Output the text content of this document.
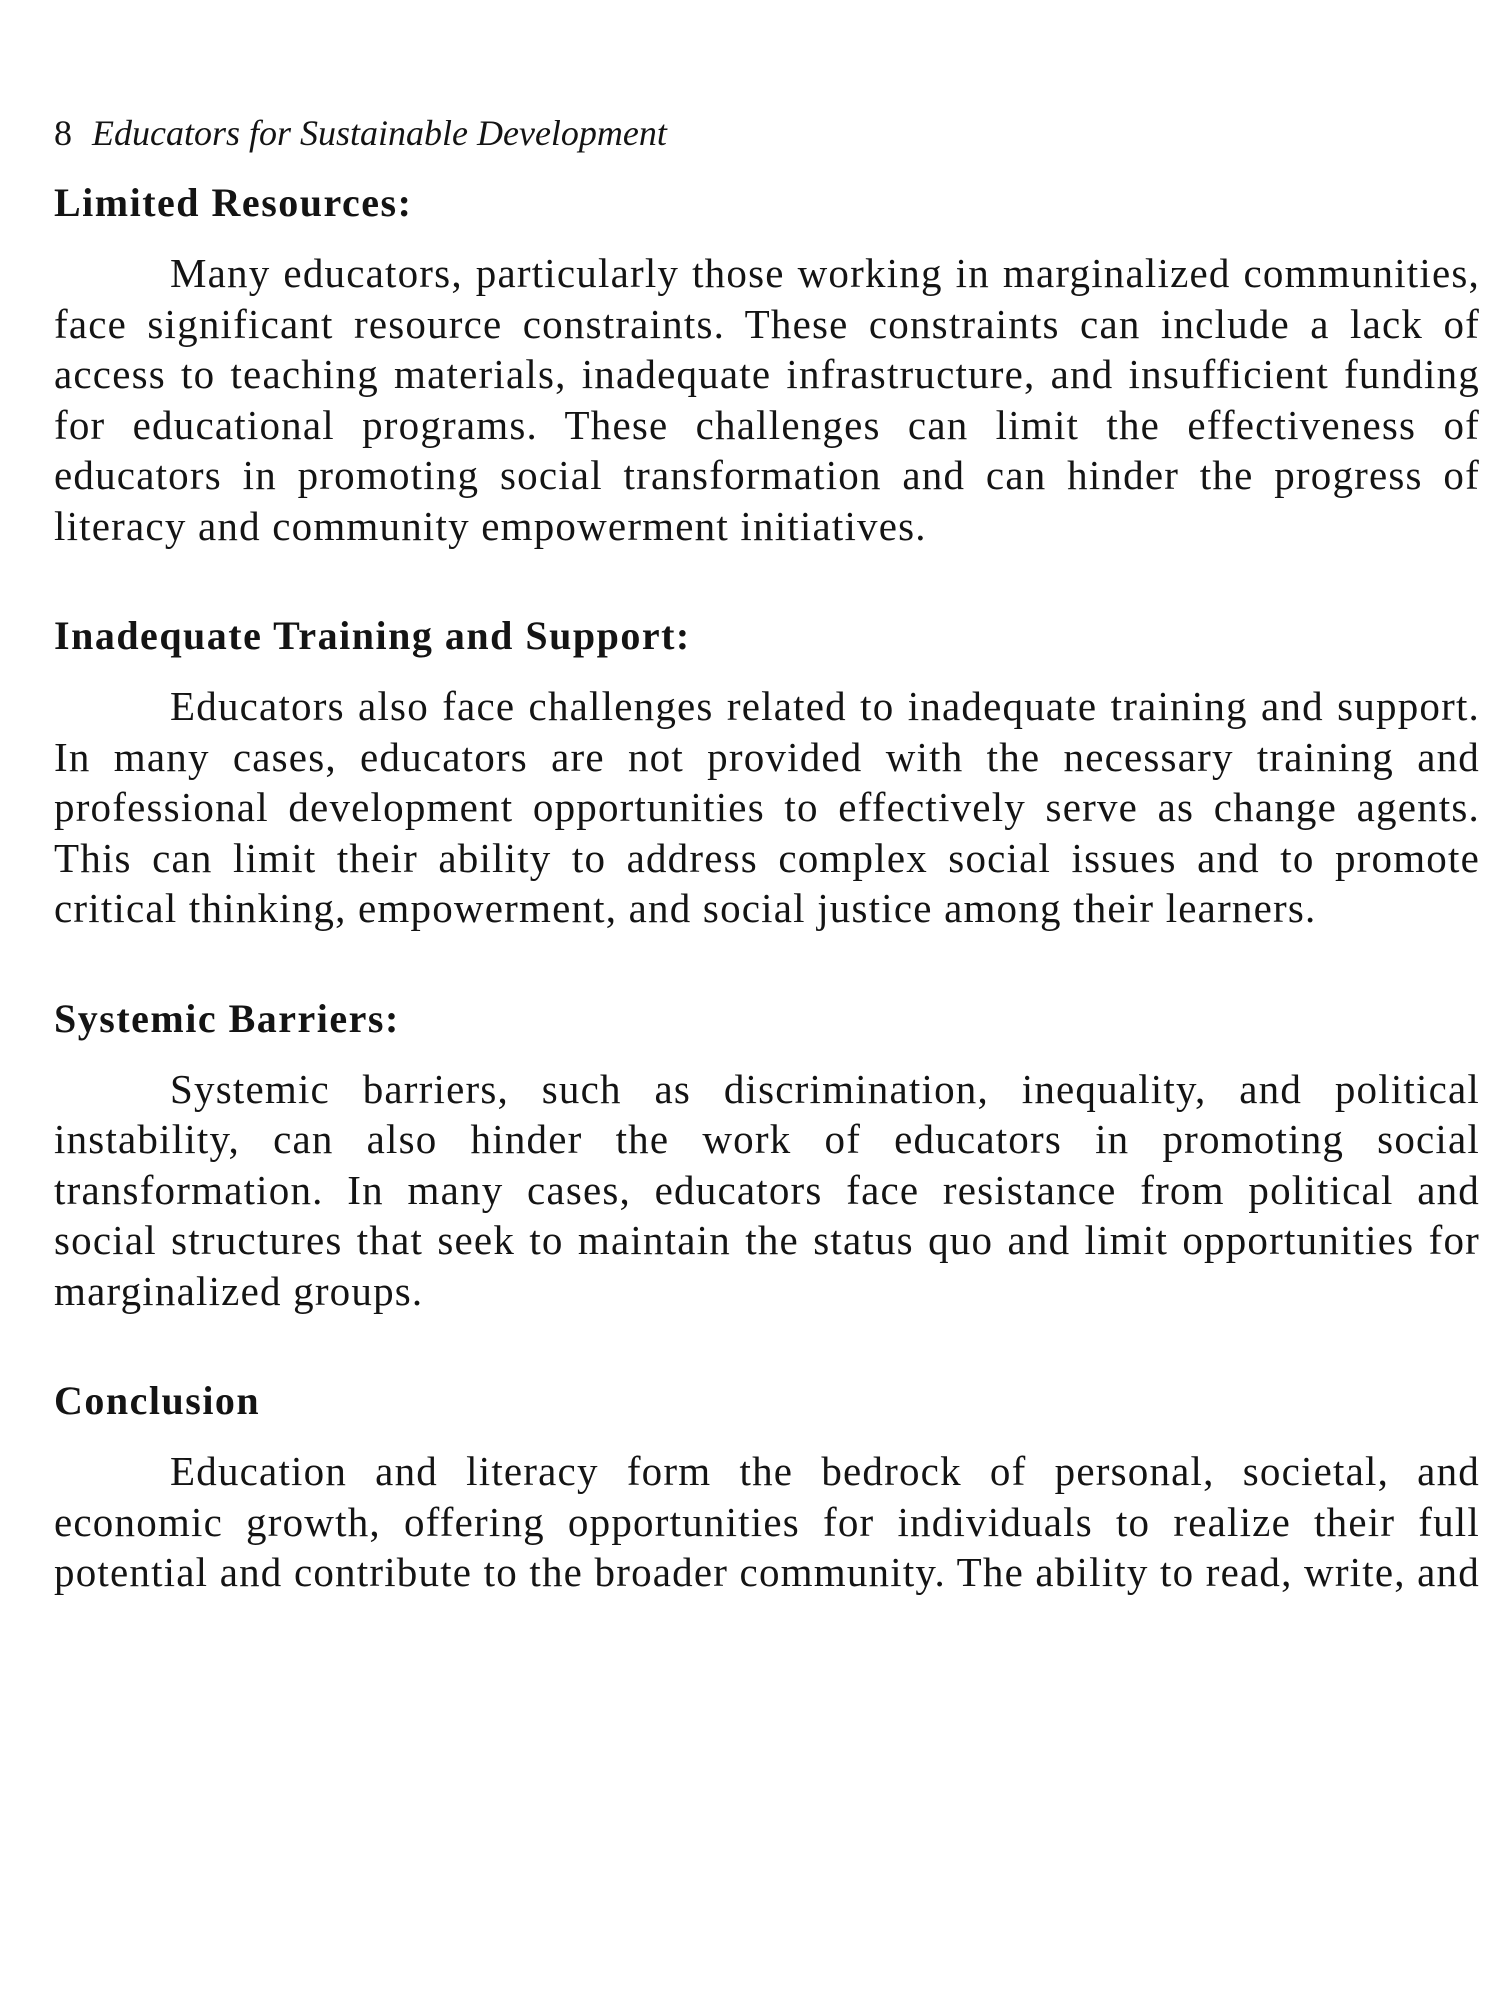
8 Educators for Sustainable Development
Limited Resources:

Many educators, particularly those working in marginalized communities, face significant resource constraints. These constraints can include a lack of access to teaching materials, inadequate infrastructure, and insufficient funding for educational programs. These challenges can limit the effectiveness of educators in promoting social transformation and can hinder the progress of literacy and community empowerment initiatives.

Inadequate Training and Support:

Educators also face challenges related to inadequate training and support. In many cases, educators are not provided with the necessary training and professional development opportunities to effectively serve as change agents. This can limit their ability to address complex social issues and to promote critical thinking, empowerment, and social justice among their learners.

Systemic Barriers:

Systemic barriers, such as discrimination, inequality, and political instability, can also hinder the work of educators in promoting social transformation. In many cases, educators face resistance from political and social structures that seek to maintain the status quo and limit opportunities for marginalized groups.

Conclusion

Education and literacy form the bedrock of personal, societal, and economic growth, offering opportunities for individuals to realize their full potential and contribute to the broader community. The ability to read, write, and
